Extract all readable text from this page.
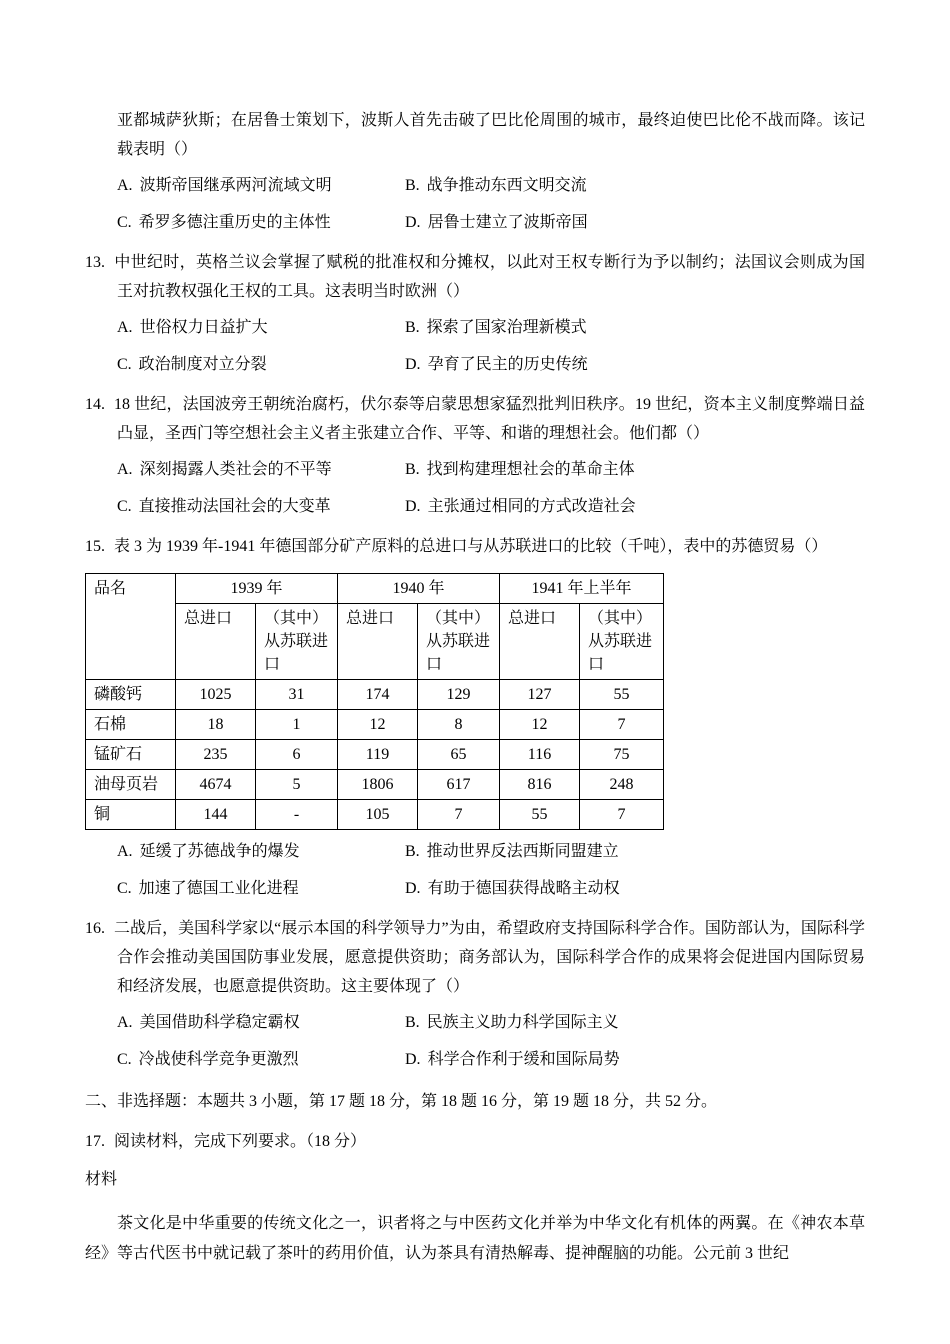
亚都城萨狄斯；在居鲁士策划下，波斯人首先击破了巴比伦周围的城市，最终迫使巴比伦不战而降。该记载表明（）

A. 波斯帝国继承两河流域文明	B. 战争推动东西文明交流

C. 希罗多德注重历史的主体性	D. 居鲁士建立了波斯帝国

13. 中世纪时，英格兰议会掌握了赋税的批准权和分摊权，以此对王权专断行为予以制约；法国议会则成为国王对抗教权强化王权的工具。这表明当时欧洲（）

A. 世俗权力日益扩大	B. 探索了国家治理新模式

C. 政治制度对立分裂	D. 孕育了民主的历史传统

14. 18 世纪，法国波旁王朝统治腐朽，伏尔泰等启蒙思想家猛烈批判旧秩序。19 世纪，资本主义制度弊端日益凸显，圣西门等空想社会主义者主张建立合作、平等、和谐的理想社会。他们都（）

A. 深刻揭露人类社会的不平等	B. 找到构建理想社会的革命主体

C. 直接推动法国社会的大变革	D. 主张通过相同的方式改造社会

15. 表 3 为 1939 年-1941 年德国部分矿产原料的总进口与从苏联进口的比较（千吨），表中的苏德贸易（）

品名	1939 年		1940 年		1941 年上半年	
	总进口	（其中）从苏联进口	总进口	（其中）从苏联进口	总进口	（其中）从苏联进口
磷酸钙	1025	31	174	129	127	55
石棉	18	1	12	8	12	7
锰矿石	235	6	119	65	116	75
油母页岩	4674	5	1806	617	816	248
铜	144	-	105	7	55	7

A. 延缓了苏德战争的爆发	B. 推动世界反法西斯同盟建立

C. 加速了德国工业化进程	D. 有助于德国获得战略主动权

16. 二战后，美国科学家以“展示本国的科学领导力”为由，希望政府支持国际科学合作。国防部认为，国际科学合作会推动美国国防事业发展，愿意提供资助；商务部认为，国际科学合作的成果将会促进国内国际贸易和经济发展，也愿意提供资助。这主要体现了（）

A. 美国借助科学稳定霸权	B. 民族主义助力科学国际主义

C. 冷战使科学竞争更激烈	D. 科学合作利于缓和国际局势

二、非选择题：本题共 3 小题，第 17 题 18 分，第 18 题 16 分，第 19 题 18 分，共 52 分。

17. 阅读材料，完成下列要求。（18 分）

材料

茶文化是中华重要的传统文化之一，识者将之与中医药文化并举为中华文化有机体的两翼。在《神农本草经》等古代医书中就记载了茶叶的药用价值，认为茶具有清热解毒、提神醒脑的功能。公元前 3 世纪
